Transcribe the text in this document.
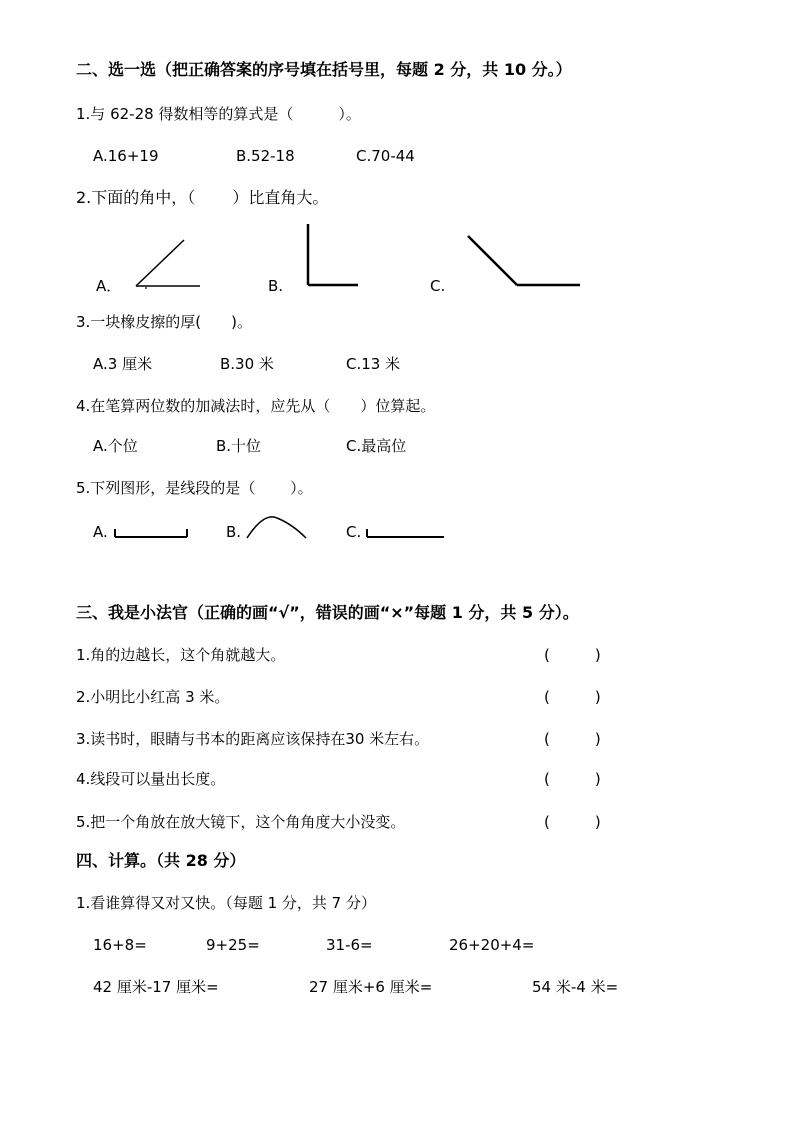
二、选一选（把正确答案的序号填在括号里，每题 2 分，共 10 分。）
1.与 62-28 得数相等的算式是（　　　）。
A.16+19	B.52-18	C.70-44
2.下面的角中，（　　 ）比直角大。
A．	B.	C.
3.一块橡皮擦的厚(　　)。
A.3 厘米	B.30 米	C.13 米
4.在笔算两位数的加减法时，应先从（　　）位算起。
A.个位	B.十位	C.最高位
5.下列图形，是线段的是（　　 ）。
A.	B.	C.
三、我是小法官（正确的画“√”，错误的画“×”每题 1 分，共 5 分）。
1.角的边越长，这个角就越大。	(　　　)
2.小明比小红高 3 米。	(　　　)
3.读书时，眼睛与书本的距离应该保持在30 米左右。	(　　　)
4.线段可以量出长度。	(　　　)
5.把一个角放在放大镜下，这个角角度大小没变。	(　　　)
四、计算。（共 28 分）
1.看谁算得又对又快。（每题 1 分，共 7 分）
16+8=	9+25=	31-6=	26+20+4=
42 厘米-17 厘米=	27 厘米+6 厘米=	54 米-4 米=
